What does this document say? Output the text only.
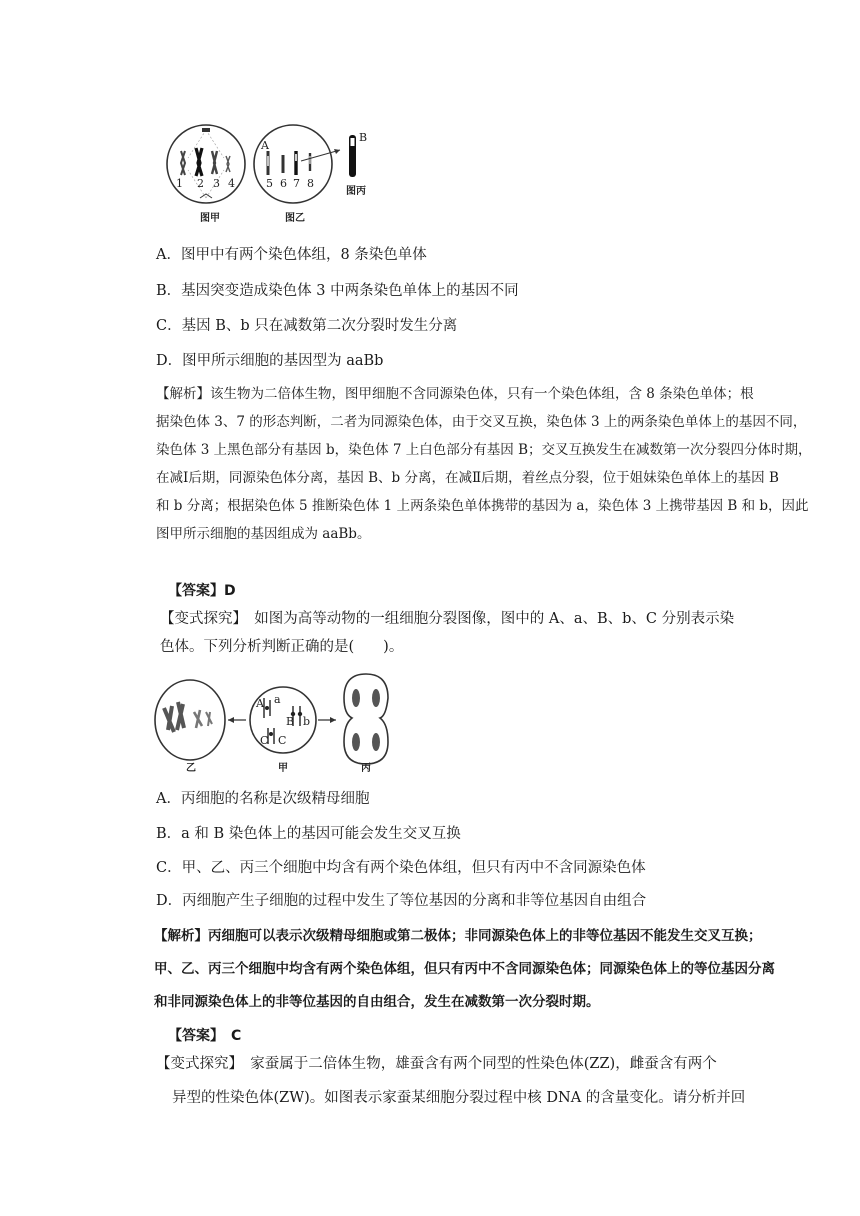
1 2 3 4
图甲
A
5 6 7 8
图乙
B
图丙
A．图甲中有两个染色体组，8 条染色单体
B．基因突变造成染色体 3 中两条染色单体上的基因不同
C．基因 B、b 只在减数第二次分裂时发生分离
D．图甲所示细胞的基因型为 aaBb
【解析】该生物为二倍体生物，图甲细胞不含同源染色体，只有一个染色体组，含 8 条染色单体；根
据染色体 3、7 的形态判断，二者为同源染色体，由于交叉互换，染色体 3 上的两条染色单体上的基因不同，
染色体 3 上黑色部分有基因 b，染色体 7 上白色部分有基因 B；交叉互换发生在减数第一次分裂四分体时期，
在减Ⅰ后期，同源染色体分离，基因 B、b 分离，在减Ⅱ后期，着丝点分裂，位于姐妹染色单体上的基因 B
和 b 分离；根据染色体 5 推断染色体 1 上两条染色单体携带的基因为 a，染色体 3 上携带基因 B 和 b，因此
图甲所示细胞的基因组成为 aaBb。
【答案】D
【变式探究】　如图为高等动物的一组细胞分裂图像，图中的 A、a、B、b、C 分别表示染
色体。下列分析判断正确的是(　　)。
乙
A a
B b
C C
甲	丙
A．丙细胞的名称是次级精母细胞
B．a 和 B 染色体上的基因可能会发生交叉互换
C．甲、乙、丙三个细胞中均含有两个染色体组，但只有丙中不含同源染色体
D．丙细胞产生子细胞的过程中发生了等位基因的分离和非等位基因自由组合
【解析】丙细胞可以表示次级精母细胞或第二极体；非同源染色体上的非等位基因不能发生交叉互换；
甲、乙、丙三个细胞中均含有两个染色体组，但只有丙中不含同源染色体；同源染色体上的等位基因分离
和非同源染色体上的非等位基因的自由组合，发生在减数第一次分裂时期。
【答案】　C
【变式探究】　家蚕属于二倍体生物，雄蚕含有两个同型的性染色体(ZZ)，雌蚕含有两个
异型的性染色体(ZW)。如图表示家蚕某细胞分裂过程中核 DNA 的含量变化。请分析并回
